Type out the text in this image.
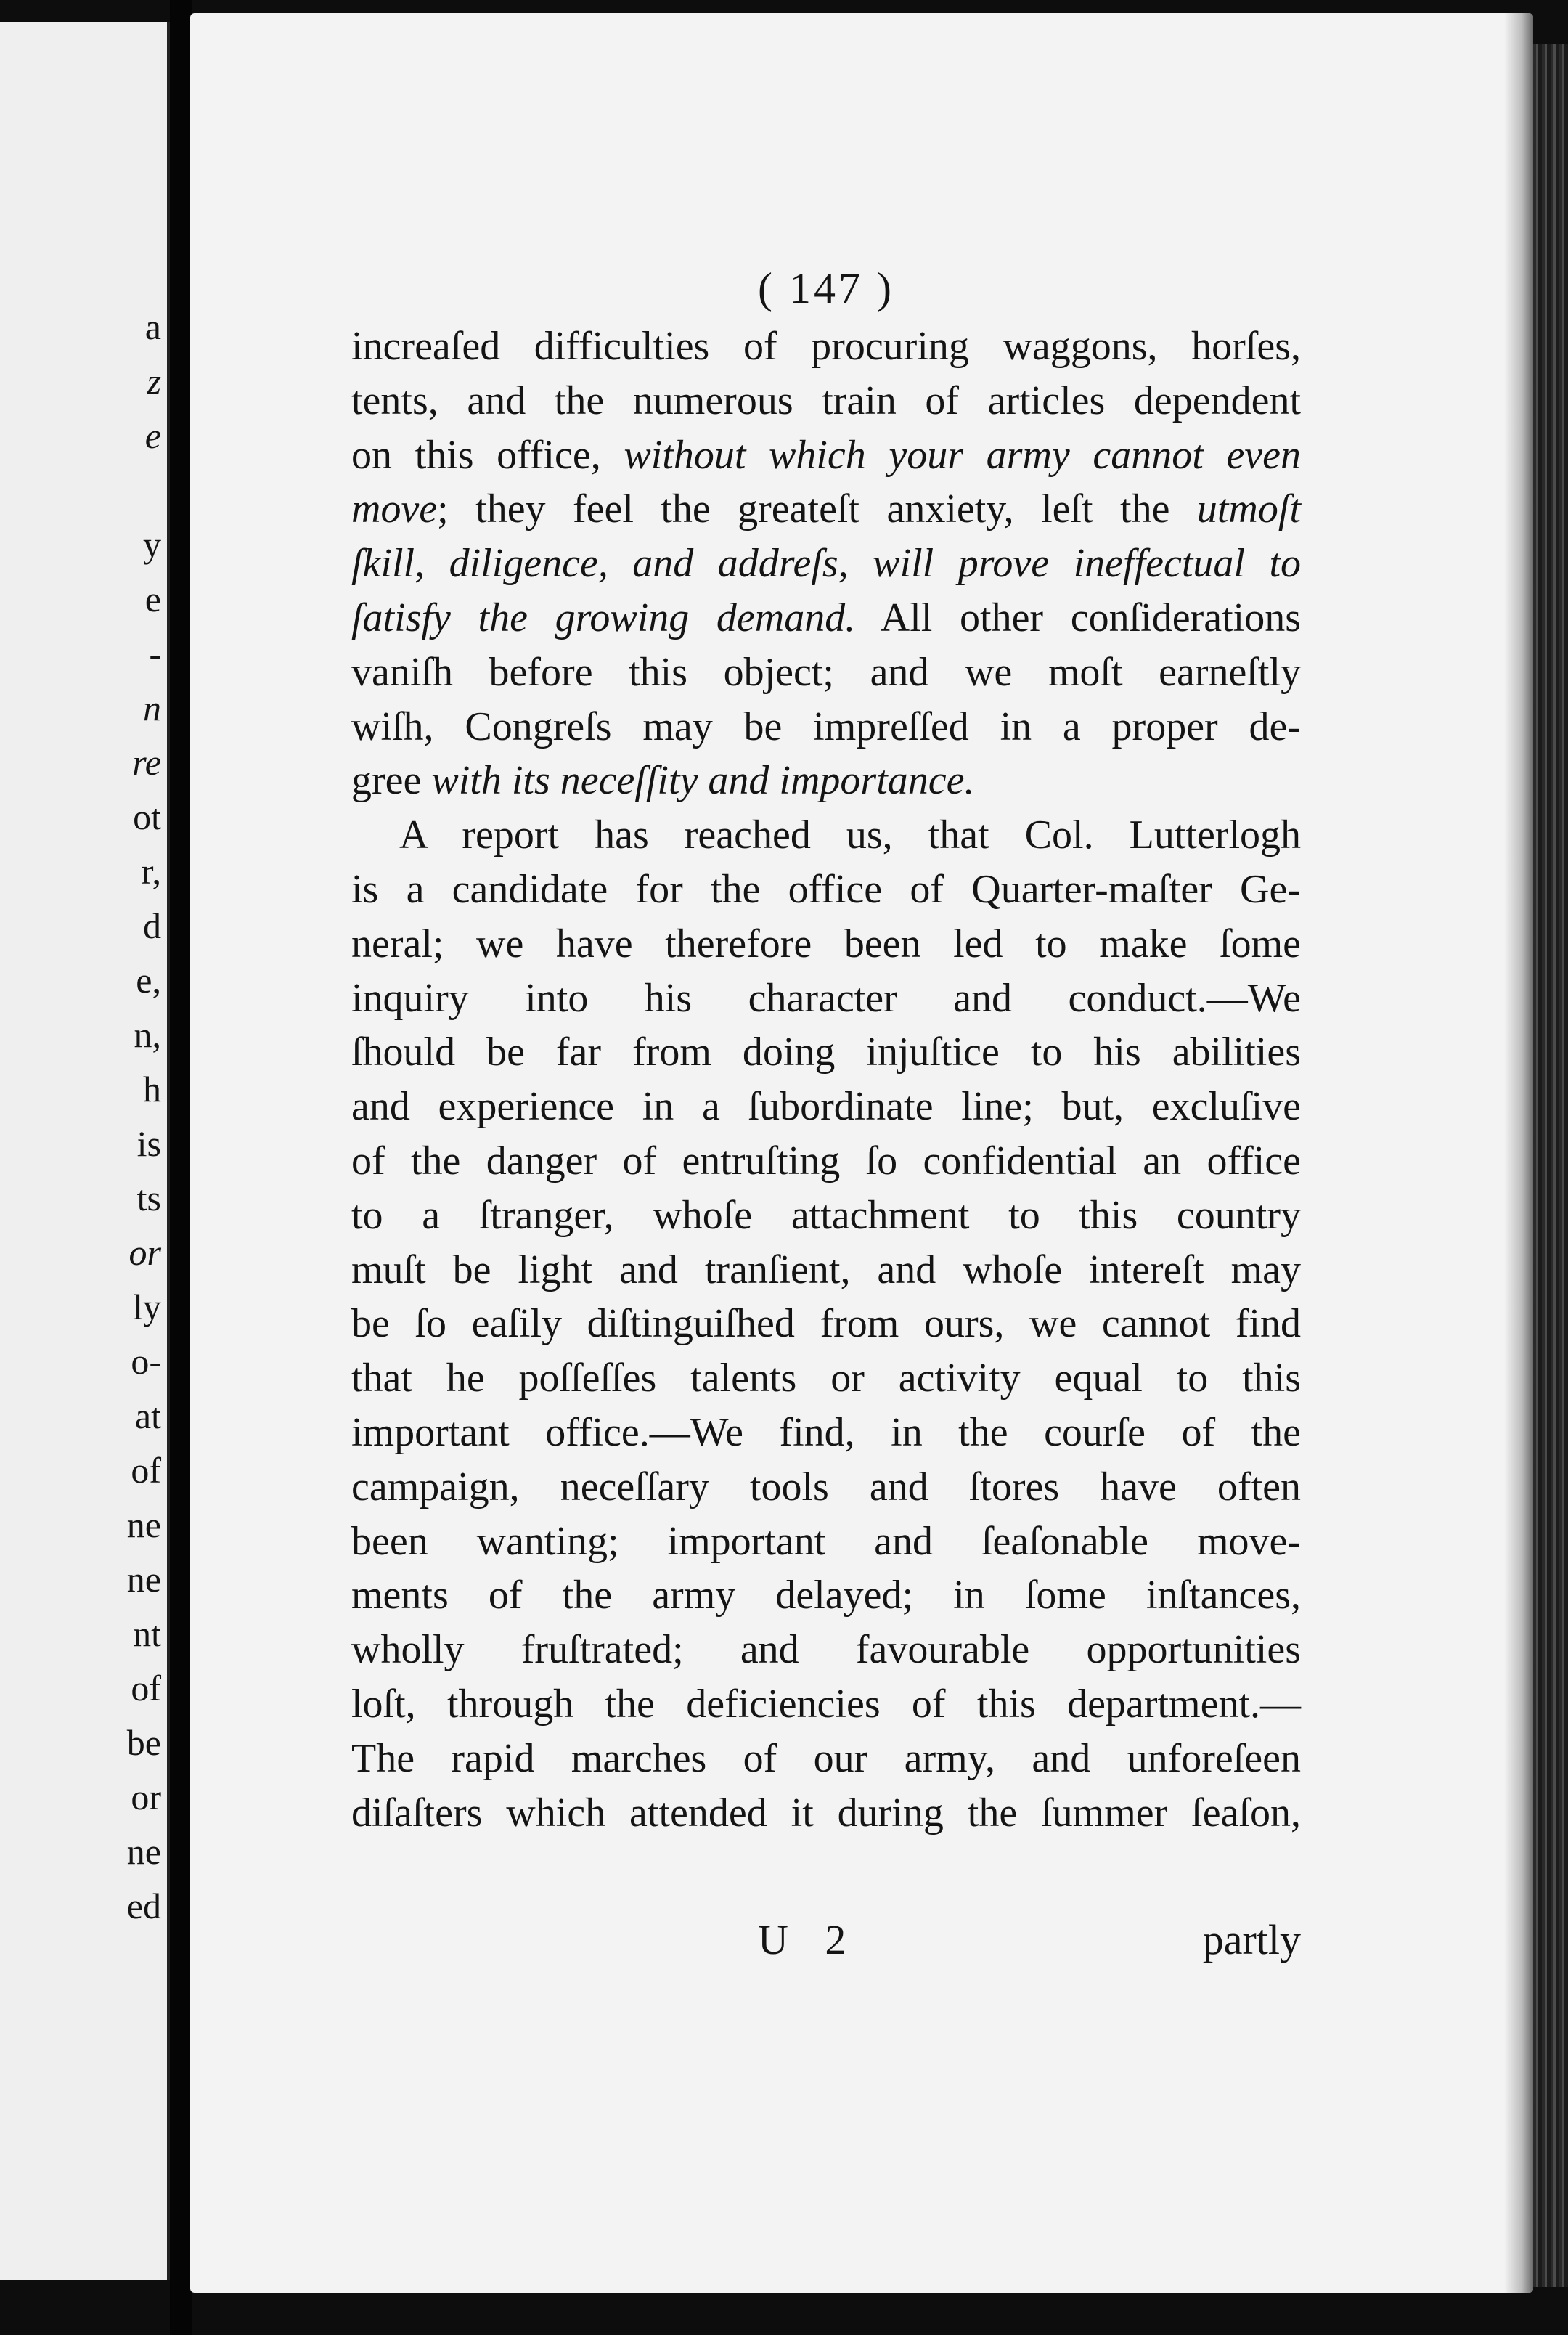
a
z
e
y
e
-
n
re
ot
r,
d
e,
n,
h
is
ts
or
ly
o-
at
of
ne
ne
nt
of
be
or
ne
ed
( 147 )
increaſed difficulties of procuring waggons, horſes,
tents, and the numerous train of articles dependent
on this office, without which your army cannot even
move; they feel the greateſt anxiety, leſt the utmoſt
ſkill, diligence, and addreſs, will prove ineffectual to
ſatisfy the growing demand. All other conſiderations
vaniſh before this object; and we moſt earneſtly
wiſh, Congreſs may be impreſſed in a proper de-
gree with its neceſſity and importance.
A report has reached us, that Col. Lutterlogh
is a candidate for the office of Quarter-maſter Ge-
neral; we have therefore been led to make ſome
inquiry into his character and conduct.—We
ſhould be far from doing injuſtice to his abilities
and experience in a ſubordinate line; but, excluſive
of the danger of entruſting ſo confidential an office
to a ſtranger, whoſe attachment to this country
muſt be light and tranſient, and whoſe intereſt may
be ſo eaſily diſtinguiſhed from ours, we cannot find
that he poſſeſſes talents or activity equal to this
important office.—We find, in the courſe of the
campaign, neceſſary tools and ſtores have often
been wanting; important and ſeaſonable move-
ments of the army delayed; in ſome inſtances,
wholly fruſtrated; and favourable opportunities
loſt, through the deficiencies of this department.—
The rapid marches of our army, and unforeſeen
diſaſters which attended it during the ſummer ſeaſon,
U 2	partly
